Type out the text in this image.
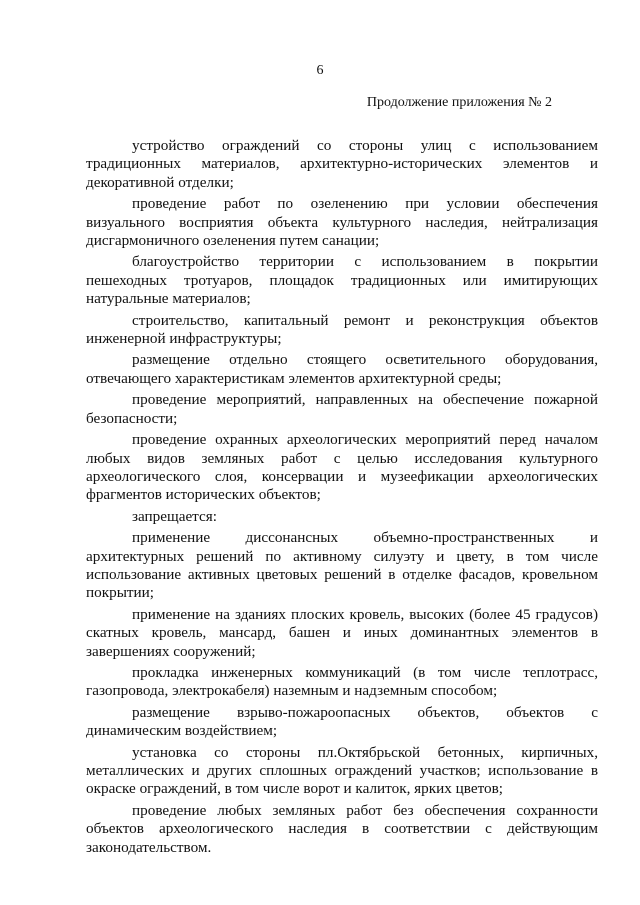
6
Продолжение приложения № 2

устройство ограждений со стороны улиц с использованием традиционных материалов, архитектурно-исторических элементов и декоративной отделки;

проведение работ по озеленению при условии обеспечения визуального восприятия объекта культурного наследия, нейтрализация дисгармоничного озеленения путем санации;

благоустройство территории с использованием в покрытии пешеходных тротуаров, площадок традиционных или имитирующих натуральные материалов;

строительство, капитальный ремонт и реконструкция объектов инженерной инфраструктуры;

размещение отдельно стоящего осветительного оборудования, отвечающего характеристикам элементов архитектурной среды;

проведение мероприятий, направленных на обеспечение пожарной безопасности;

проведение охранных археологических мероприятий перед началом любых видов земляных работ с целью исследования культурного археологического слоя, консервации и музеефикации археологических фрагментов исторических объектов;

запрещается:

применение диссонансных объемно-пространственных и архитектурных решений по активному силуэту и цвету, в том числе использование активных цветовых решений в отделке фасадов, кровельном покрытии;

применение на зданиях плоских кровель, высоких (более 45 градусов) скатных кровель, мансард, башен и иных доминантных элементов в завершениях сооружений;

прокладка инженерных коммуникаций (в том числе теплотрасс, газопровода, электрокабеля) наземным и надземным способом;

размещение взрыво-пожароопасных объектов, объектов с динамическим воздействием;

установка со стороны пл.Октябрьской бетонных, кирпичных, металлических и других сплошных ограждений участков; использование в окраске ограждений, в том числе ворот и калиток, ярких цветов;

проведение любых земляных работ без обеспечения сохранности объектов археологического наследия в соответствии с действующим законодательством.
